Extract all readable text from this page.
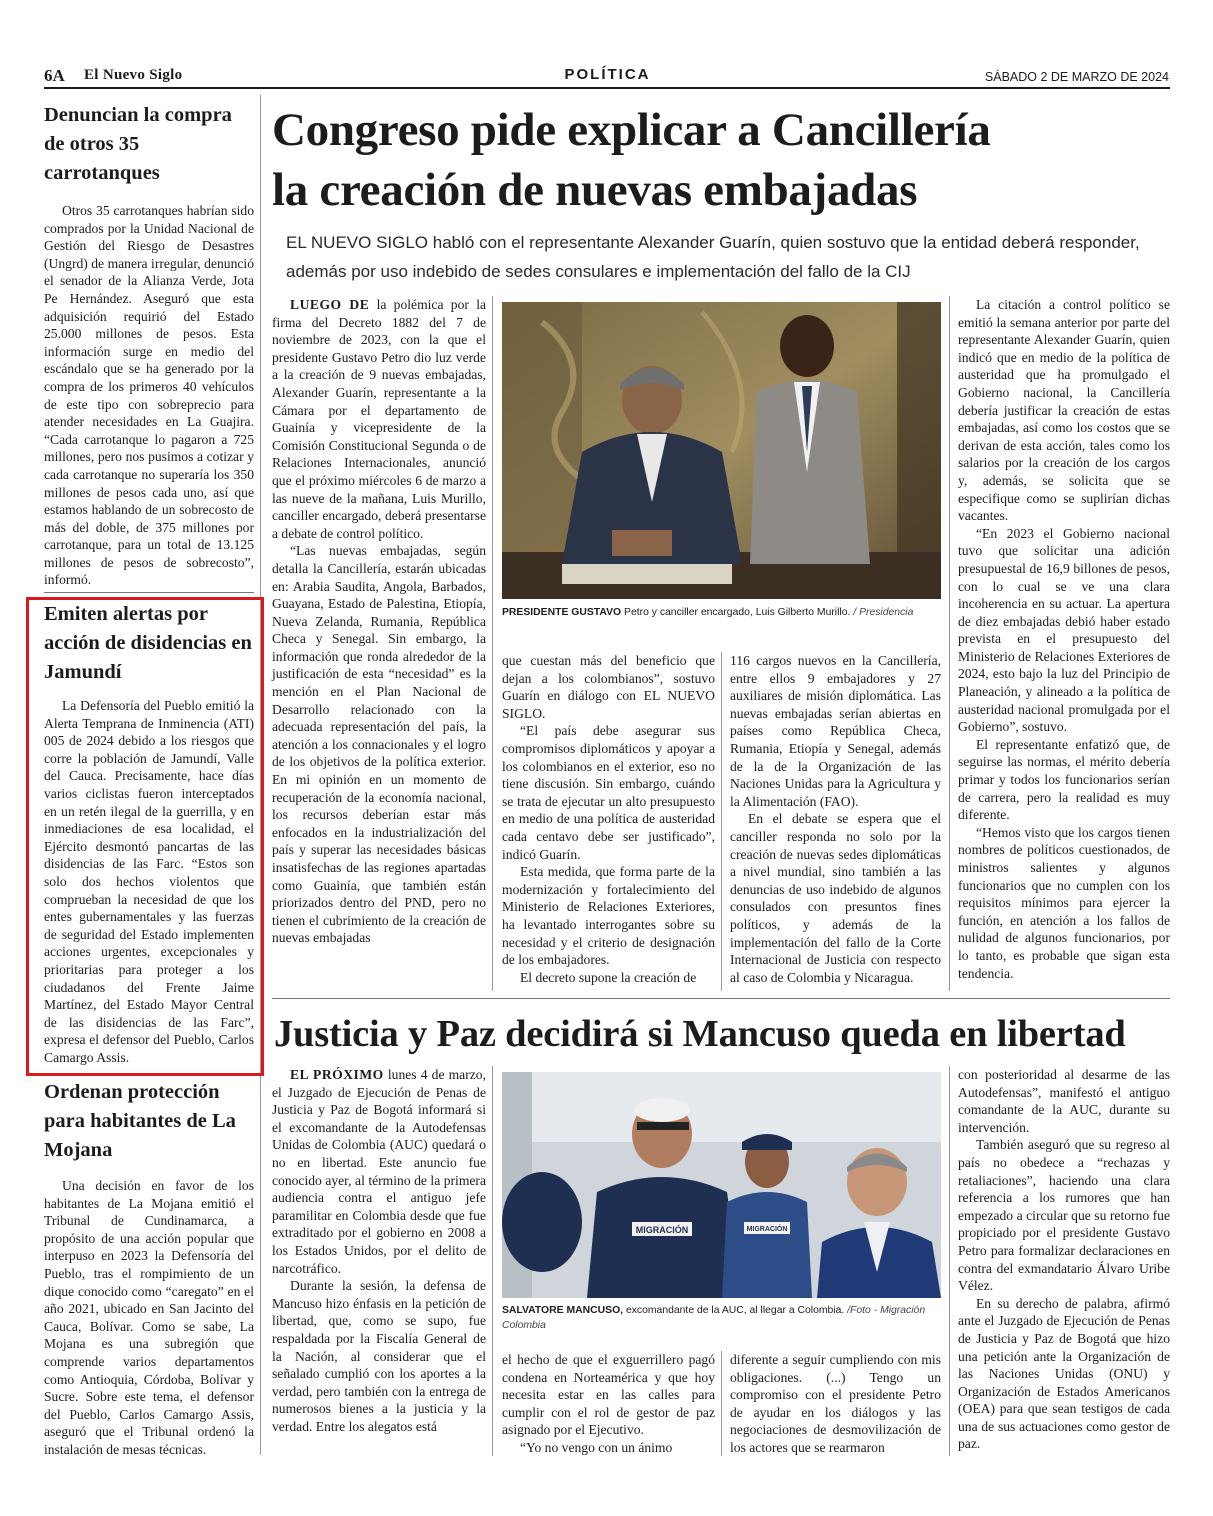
6A El Nuevo Siglo	POLÍTICA	SÁBADO 2 DE MARZO DE 2024
Denuncian la compra de otros 35 carrotanques

Otros 35 carrotanques habrían sido comprados por la Unidad Nacional de Gestión del Riesgo de Desastres (Ungrd) de manera irregular, denunció el senador de la Alianza Verde, Jota Pe Hernández. Aseguró que esta adquisición requirió del Estado 25.000 millones de pesos. Esta información surge en medio del escándalo que se ha generado por la compra de los primeros 40 vehículos de este tipo con sobreprecio para atender necesidades en La Guajira. “Cada carrotanque lo pagaron a 725 millones, pero nos pusimos a cotizar y cada carrotanque no superaría los 350 millones de pesos cada uno, así que estamos hablando de un sobrecosto de más del doble, de 375 millones por carrotanque, para un total de 13.125 millones de pesos de sobrecosto”, informó.

Emiten alertas por acción de disidencias en Jamundí

La Defensoría del Pueblo emitió la Alerta Temprana de Inminencia (ATI) 005 de 2024 debido a los riesgos que corre la población de Jamundí, Valle del Cauca. Precisamente, hace días varios ciclistas fueron interceptados en un retén ilegal de la guerrilla, y en inmediaciones de esa localidad, el Ejército desmontó pancartas de las disidencias de las Farc. “Estos son solo dos hechos violentos que comprueban la necesidad de que los entes gubernamentales y las fuerzas de seguridad del Estado implementen acciones urgentes, excepcionales y prioritarias para proteger a los ciudadanos del Frente Jaime Martínez, del Estado Mayor Central de las disidencias de las Farc”, expresa el defensor del Pueblo, Carlos Camargo Assis.

Ordenan protección para habitantes de La Mojana

Una decisión en favor de los habitantes de La Mojana emitió el Tribunal de Cundinamarca, a propósito de una acción popular que interpuso en 2023 la Defensoría del Pueblo, tras el rompimiento de un dique conocido como “caregato” en el año 2021, ubicado en San Jacinto del Cauca, Bolívar. Como se sabe, La Mojana es una subregión que comprende varios departamentos como Antioquia, Córdoba, Bolívar y Sucre. Sobre este tema, el defensor del Pueblo, Carlos Camargo Assis, aseguró que el Tribunal ordenó la instalación de mesas técnicas.

Congreso pide explicar a Cancillería
la creación de nuevas embajadas
EL NUEVO SIGLO habló con el representante Alexander Guarín, quien sostuvo que la entidad deberá responder, además por uso indebido de sedes consulares e implementación del fallo de la CIJ

LUEGO DE la polémica por la firma del Decreto 1882 del 7 de noviembre de 2023, con la que el presidente Gustavo Petro dio luz verde a la creación de 9 nuevas embajadas, Alexander Guarín, representante a la Cámara por el departamento de Guainía y vicepresidente de la Comisión Constitucional Segunda o de Relaciones Internacionales, anunció que el próximo miércoles 6 de marzo a las nueve de la mañana, Luis Murillo, canciller encargado, deberá presentarse a debate de control político.

“Las nuevas embajadas, según detalla la Cancillería, estarán ubicadas en: Arabia Saudita, Angola, Barbados, Guayana, Estado de Palestina, Etiopía, Nueva Zelanda, Rumania, República Checa y Senegal. Sin embargo, la información que ronda alrededor de la justificación de esta “necesidad” es la mención en el Plan Nacional de Desarrollo relacionado con la adecuada representación del país, la atención a los connacionales y el logro de los objetivos de la política exterior. En mi opinión en un momento de recuperación de la economía nacional, los recursos deberían estar más enfocados en la industrialización del país y superar las necesidades básicas insatisfechas de las regiones apartadas como Guainía, que también están priorizados dentro del PND, pero no tienen el cubrimiento de la creación de nuevas embajadas

PRESIDENTE GUSTAVO Petro y canciller encargado, Luis Gilberto Murillo. / Presidencia

que cuestan más del beneficio que dejan a los colombianos”, sostuvo Guarín en diálogo con EL NUEVO SIGLO.

“El país debe asegurar sus compromisos diplomáticos y apoyar a los colombianos en el exterior, eso no tiene discusión. Sin embargo, cuándo se trata de ejecutar un alto presupuesto en medio de una política de austeridad cada centavo debe ser justificado”, indicó Guarín.

Esta medida, que forma parte de la modernización y fortalecimiento del Ministerio de Relaciones Exteriores, ha levantado interrogantes sobre su necesidad y el criterio de designación de los embajadores.

El decreto supone la creación de

116 cargos nuevos en la Cancillería, entre ellos 9 embajadores y 27 auxiliares de misión diplomática. Las nuevas embajadas serían abiertas en países como República Checa, Rumania, Etiopía y Senegal, además de la de la Organización de las Naciones Unidas para la Agricultura y la Alimentación (FAO).

En el debate se espera que el canciller responda no solo por la creación de nuevas sedes diplomáticas a nivel mundial, sino también a las denuncias de uso indebido de algunos consulados con presuntos fines políticos, y además de la implementación del fallo de la Corte Internacional de Justicia con respecto al caso de Colombia y Nicaragua.

La citación a control político se emitió la semana anterior por parte del representante Alexander Guarín, quien indicó que en medio de la política de austeridad que ha promulgado el Gobierno nacional, la Cancillería debería justificar la creación de estas embajadas, así como los costos que se derivan de esta acción, tales como los salarios por la creación de los cargos y, además, se solicita que se especifique como se suplirían dichas vacantes.

“En 2023 el Gobierno nacional tuvo que solicitar una adición presupuestal de 16,9 billones de pesos, con lo cual se ve una clara incoherencia en su actuar. La apertura de diez embajadas debió haber estado prevista en el presupuesto del Ministerio de Relaciones Exteriores de 2024, esto bajo la luz del Principio de Planeación, y alineado a la política de austeridad nacional promulgada por el Gobierno”, sostuvo.

El representante enfatizó que, de seguirse las normas, el mérito debería primar y todos los funcionarios serían de carrera, pero la realidad es muy diferente.

“Hemos visto que los cargos tienen nombres de políticos cuestionados, de ministros salientes y algunos funcionarios que no cumplen con los requisitos mínimos para ejercer la función, en atención a los fallos de nulidad de algunos funcionarios, por lo tanto, es probable que sigan esta tendencia.

Justicia y Paz decidirá si Mancuso queda en libertad

EL PRÓXIMO lunes 4 de marzo, el Juzgado de Ejecución de Penas de Justicia y Paz de Bogotá informará si el excomandante de la Autodefensas Unidas de Colombia (AUC) quedará o no en libertad. Este anuncio fue conocido ayer, al término de la primera audiencia contra el antiguo jefe paramilitar en Colombia desde que fue extraditado por el gobierno en 2008 a los Estados Unidos, por el delito de narcotráfico.

Durante la sesión, la defensa de Mancuso hizo énfasis en la petición de libertad, que, como se supo, fue respaldada por la Fiscalía General de la Nación, al considerar que el señalado cumplió con los aportes a la verdad, pero también con la entrega de numerosos bienes a la justicia y la verdad. Entre los alegatos está

MIGRACIÓN	MIGRACIÓN
SALVATORE MANCUSO, excomandante de la AUC, al llegar a Colombia. /Foto - Migración Colombia

el hecho de que el exguerrillero pagó condena en Norteamérica y que hoy necesita estar en las calles para cumplir con el rol de gestor de paz asignado por el Ejecutivo.

“Yo no vengo con un ánimo

diferente a seguir cumpliendo con mis obligaciones. (...) Tengo un compromiso con el presidente Petro de ayudar en los diálogos y las negociaciones de desmovilización de los actores que se rearmaron

con posterioridad al desarme de las Autodefensas”, manifestó el antiguo comandante de la AUC, durante su intervención.

También aseguró que su regreso al país no obedece a “rechazas y retaliaciones”, haciendo una clara referencia a los rumores que han empezado a circular que su retorno fue propiciado por el presidente Gustavo Petro para formalizar declaraciones en contra del exmandatario Álvaro Uribe Vélez.

En su derecho de palabra, afirmó ante el Juzgado de Ejecución de Penas de Justicia y Paz de Bogotá que hizo una petición ante la Organización de las Naciones Unidas (ONU) y Organización de Estados Americanos (OEA) para que sean testigos de cada una de sus actuaciones como gestor de paz.
